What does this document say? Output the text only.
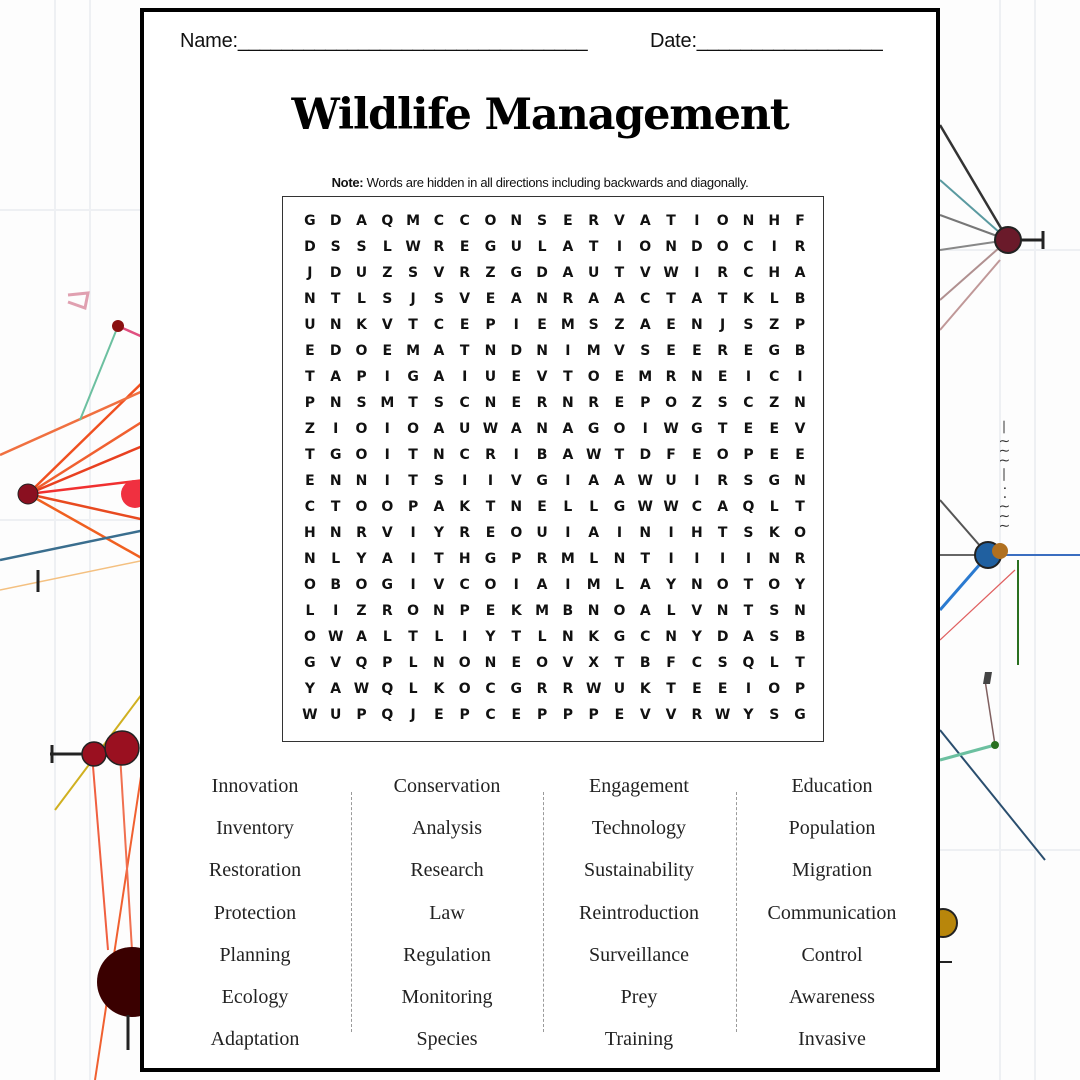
— ≀ ≀ ≀ — · · ≀ ≀ ≀
Name:________________________________	Date:_________________
Wildlife Management
Note: Words are hidden in all directions including backwards and diagonally.
G	D	A	Q M C	C	O N	S	E	R	V	A	T	I	O N	H	F
D	S	S	L W R	E	G	U	L	A	T	I	O N	D	O	C	I	R
J	D	U	Z	S	V	R	Z	G	D	A	U	T	V W	I	R	C	H	A
N	T	L	S	J	S	V	E	A	N	R	A	A	C	T	A	T	K	L	B
U	N	K	V	T	C	E	P	I	E	M S	Z	A	E	N	J	S	Z	P
E	D	O	E	M A	T	N	D	N	I	M V	S	E	E	R	E	G	B
T	A	P	I	G	A	I	U	E	V	T	O	E	M R	N	E	I	C	I
P	N	S M	T	S	C	N	E	R	N	R	E	P	O	Z	S	C	Z	N
Z	I	O	I	O	A	U W A	N	A	G	O	I	W G	T	E	E	V
T	G	O	I	T	N	C	R	I	B	A W T	D	F	E	O	P	E	E
E	N	N	I	T	S	I	I	V	G	I	A	A W U	I	R	S	G	N
C	T	O O	P	A	K	T	N	E	L	L	G W W C	A	Q	L	T
H	N	R	V	I	Y	R	E	O	U	I	A	I	N	I	H	T	S	K	O
N	L	Y	A	I	T	H	G	P	R M	L	N	T	I	I	I	I	N	R
O	B	O	G	I	V	C	O	I	A	I	M	L	A	Y	N O	T	O	Y
L	I	Z	R	O N	P	E	K M B	N O	A	L	V	N	T	S	N
O W A	L	T	L	I	Y	T	L	N	K	G	C	N	Y	D	A	S	B
G	V	Q	P	L	N O N	E	O	V	X	T	B	F	C	S	Q	L	T
Y	A W Q	L	K	O	C	G	R	R W U	K	T	E	E	I	O	P
W U	P	Q	J	E	P	C	E	P	P	P	E	V	V	R W Y	S	G
Innovation
Inventory
Restoration
Protection
Planning
Ecology
Adaptation
Conservation
Analysis
Research
Law
Regulation
Monitoring
Species
Engagement
Technology
Sustainability
Reintroduction
Surveillance
Prey
Training
Education
Population
Migration
Communication
Control
Awareness
Invasive
